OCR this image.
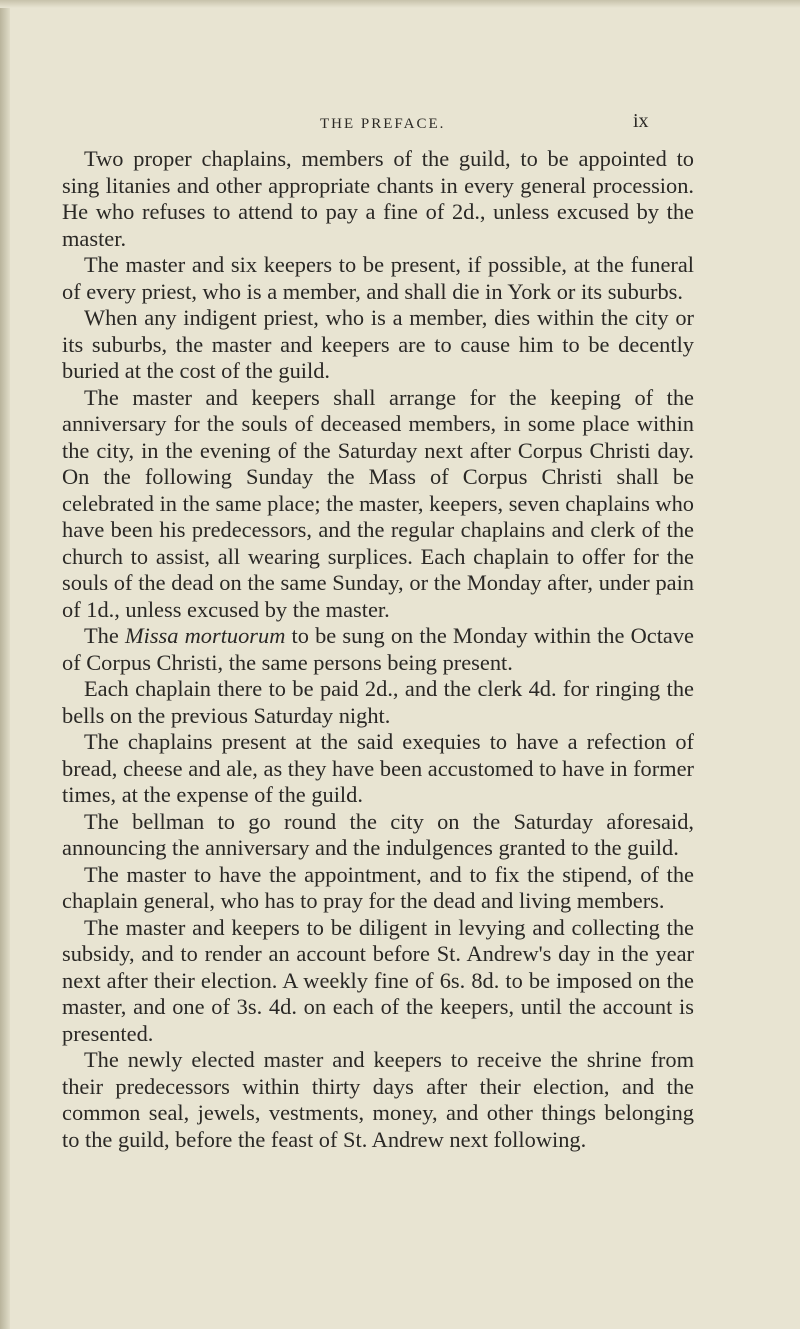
THE PREFACE.	ix

Two proper chaplains, members of the guild, to be appointed to sing litanies and other appropriate chants in every general procession. He who refuses to attend to pay a fine of 2d., unless excused by the master.

The master and six keepers to be present, if possible, at the funeral of every priest, who is a member, and shall die in York or its suburbs.

When any indigent priest, who is a member, dies within the city or its suburbs, the master and keepers are to cause him to be decently buried at the cost of the guild.

The master and keepers shall arrange for the keeping of the anniversary for the souls of deceased members, in some place within the city, in the evening of the Saturday next after Corpus Christi day. On the following Sunday the Mass of Corpus Christi shall be celebrated in the same place; the master, keepers, seven chaplains who have been his predecessors, and the regular chaplains and clerk of the church to assist, all wearing surplices. Each chaplain to offer for the souls of the dead on the same Sunday, or the Monday after, under pain of 1d., unless excused by the master.

The Missa mortuorum to be sung on the Monday within the Octave of Corpus Christi, the same persons being present.

Each chaplain there to be paid 2d., and the clerk 4d. for ringing the bells on the previous Saturday night.

The chaplains present at the said exequies to have a refection of bread, cheese and ale, as they have been accustomed to have in former times, at the expense of the guild.

The bellman to go round the city on the Saturday aforesaid, announcing the anniversary and the indulgences granted to the guild.

The master to have the appointment, and to fix the stipend, of the chaplain general, who has to pray for the dead and living members.

The master and keepers to be diligent in levying and collecting the subsidy, and to render an account before St. Andrew's day in the year next after their election. A weekly fine of 6s. 8d. to be imposed on the master, and one of 3s. 4d. on each of the keepers, until the account is presented.

The newly elected master and keepers to receive the shrine from their predecessors within thirty days after their election, and the common seal, jewels, vestments, money, and other things belonging to the guild, before the feast of St. Andrew next following.
